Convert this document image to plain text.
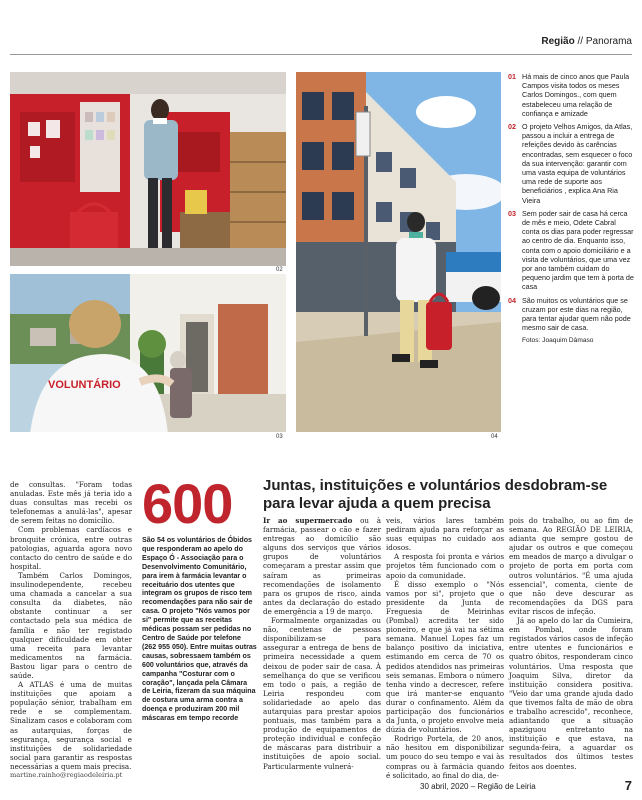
Região // Panorama
02
VOLUNTÁRIO
03	04
01 Há mais de cinco anos que Paula Campos visita todos os meses Carlos Domingos., com quem estabeleceu uma relação de confiança e amizade
02 O projeto Velhos Amigos, da Atlas, passou a incluir a entrega de refeições devido às carências encontradas, sem esquecer o foco da sua intervenção: garantir com uma vasta equipa de voluntários uma rede de suporte aos beneficiários , explica Ana Ria Vieira
03 Sem poder sair de casa há cerca de mês e meio, Odete Cabral conta os dias para poder regressar ao centro de dia. Enquanto isso, conta com o apoio domiciliário e a visita de voluntários, que uma vez por ano também cuidam do pequeno jardim que tem à porta de casa
04 São muitos os voluntários que se cruzam por este dias na região, para tentar ajudar quem não pode mesmo sair de casa.
Fotos: Joaquim Dâmaso

de consultas. "Foram todas anuladas. Este mês já teria ido a duas consultas mas recebi os telefonemas a anulá-las", apesar de serem feitas no domicílio.

Com problemas cardíacos e bronquite crónica, entre outras patologias, aguarda agora novo contacto do centro de saúde e do hospital.

Também Carlos Domingos, insulinodependente, recebeu uma chamada a cancelar a sua consulta da diabetes, não obstante continuar a ser contactado pela sua médica de família e não ter registado qualquer dificuldade em obter uma receita para levantar medicamentos na farmácia. Bastou ligar para o centro de saúde.

A ATLAS é uma de muitas instituições que apoiam a população sénior, trabalham em rede e se complementam. Sinalizam casos e colaboram com as autarquias, forças de segurança, segurança social e instituições de solidariedade social para garantir as respostas necessárias a quem mais precisa.

martine.rainho@regiaodeleiria.pt

600
São 54 os voluntários de Óbidos que responderam ao apelo do Espaço Ó - Associação para o Desenvolvimento Comunitário, para irem à farmácia levantar o receituário dos utentes que integram os grupos de risco tem recomendações para não sair de casa. O projeto "Nós vamos por si" permite que as receitas médicas possam ser pedidas no Centro de Saúde por telefone (262 955 050). Entre muitas outras causas, sobressaem também os 600 voluntários que, através da campanha "Costurar com o coração", lançada pela Câmara de Leiria, fizeram da sua máquina de costura uma arma contra a doença e produziram 200 mil máscaras em tempo recorde
Juntas, instituições e voluntários desdobram-se para levar ajuda a quem precisa

Ir ao supermercado ou à farmácia, passear o cão e fazer entregas ao domicílio são alguns dos serviços que vários grupos de voluntários começaram a prestar assim que saíram as primeiras recomendações de isolamento para os grupos de risco, ainda antes da declaração do estado de emergência a 19 de março.

Formalmente organizadas ou não, centenas de pessoas disponibilizam-se para assegurar a entrega de bens de primeira necessidade a quem deixou de poder sair de casa. À semelhança do que se verificou em todo o país, a região de Leiria respondeu com solidariedade ao apelo das autarquias para prestar apoios pontuais, mas também para a produção de equipamentos de proteção individual e confeção de máscaras para distribuir a instituições de apoio social. Particularmente vulnerá-

veis, vários lares também pediram ajuda para reforçar as suas equipas no cuidado aos idosos.

A resposta foi pronta e vários projetos têm funcionado com o apoio da comunidade.

É disso exemplo o "Nós vamos por si", projeto que o presidente da Junta de Freguesia de Meirinhas (Pombal) acredita ter sido pioneiro, e que já vai na sétima semana. Manuel Lopes faz um balanço positivo da iniciativa, estimando em cerca de 70 os pedidos atendidos nas primeiras seis semanas. Embora o número tenha vindo a decrescer, refere que irá manter-se enquanto durar o confinamento. Além da participação dos funcionários da Junta, o projeto envolve meia dúzia de voluntários.

Rodrigo Portela, de 20 anos, não hesitou em disponibilizar um pouco do seu tempo e vai às compras ou à farmácia quando é solicitado, ao final do dia, de-

pois do trabalho, ou ao fim de semana. Ao REGIÃO DE LEIRIA, adianta que sempre gostou de ajudar os outros e que começou em meados de março a divulgar o projeto de porta em porta com outros voluntários. "É uma ajuda essencial", comenta, ciente de que não deve descurar as recomendações da DGS para evitar riscos de infeção.

Já ao apelo do lar da Cumieira, em Pombal, onde foram registados vários casos de infeção entre utentes e funcionários e quatro óbitos, responderam cinco voluntários. Uma resposta que Joaquim Silva, diretor da instituição considera positiva. "Veio dar uma grande ajuda dado que tivemos falta de mão de obra e trabalho acrescido", reconhece, adiantando que a situação apaziguou entretanto na instituição e que estava, na segunda-feira, a aguardar os resultados dos últimos testes feitos aos doentes.

30 abril, 2020 – Região de Leiria	7
